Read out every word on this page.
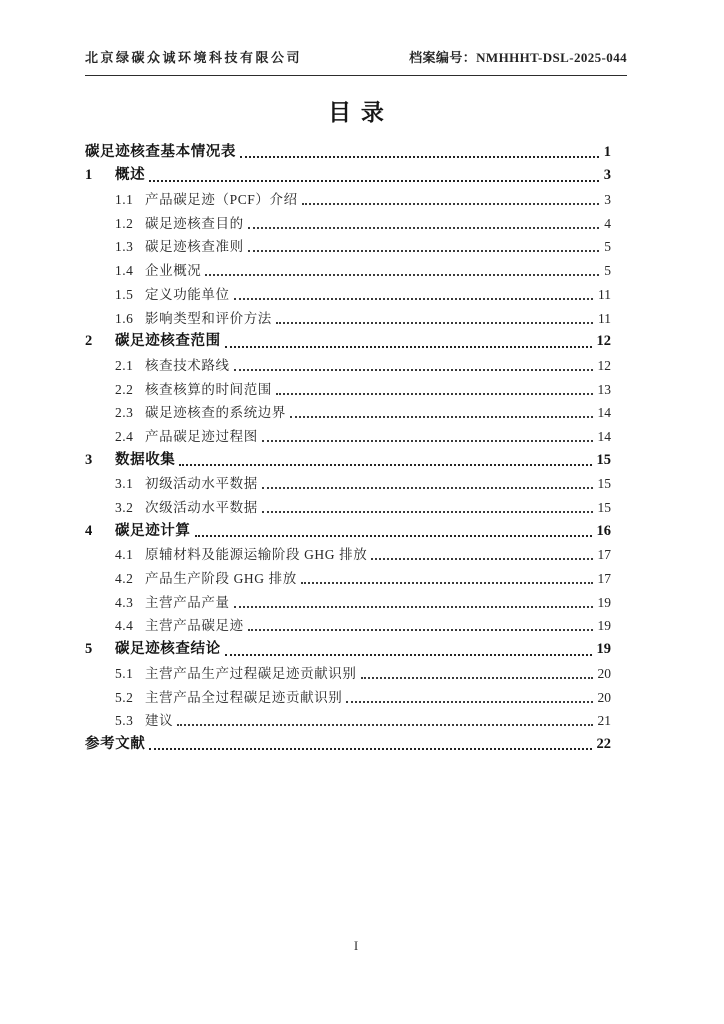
北京绿碳众诚环境科技有限公司	档案编号：NMHHHT-DSL-2025-044
目录
碳足迹核查基本情况表	1
1	概述	3
1.1 产品碳足迹（PCF）介绍	3
1.2 碳足迹核查目的	4
1.3 碳足迹核查准则	5
1.4 企业概况	5
1.5 定义功能单位	11
1.6 影响类型和评价方法	11
2	碳足迹核查范围	12
2.1 核查技术路线	12
2.2 核查核算的时间范围	13
2.3 碳足迹核查的系统边界	14
2.4 产品碳足迹过程图	14
3	数据收集	15
3.1 初级活动水平数据	15
3.2 次级活动水平数据	15
4	碳足迹计算	16
4.1 原辅材料及能源运输阶段 GHG 排放	17
4.2 产品生产阶段 GHG 排放	17
4.3 主营产品产量	19
4.4 主营产品碳足迹	19
5	碳足迹核查结论	19
5.1 主营产品生产过程碳足迹贡献识别	20
5.2 主营产品全过程碳足迹贡献识别	20
5.3 建议	21
参考文献	22
I
